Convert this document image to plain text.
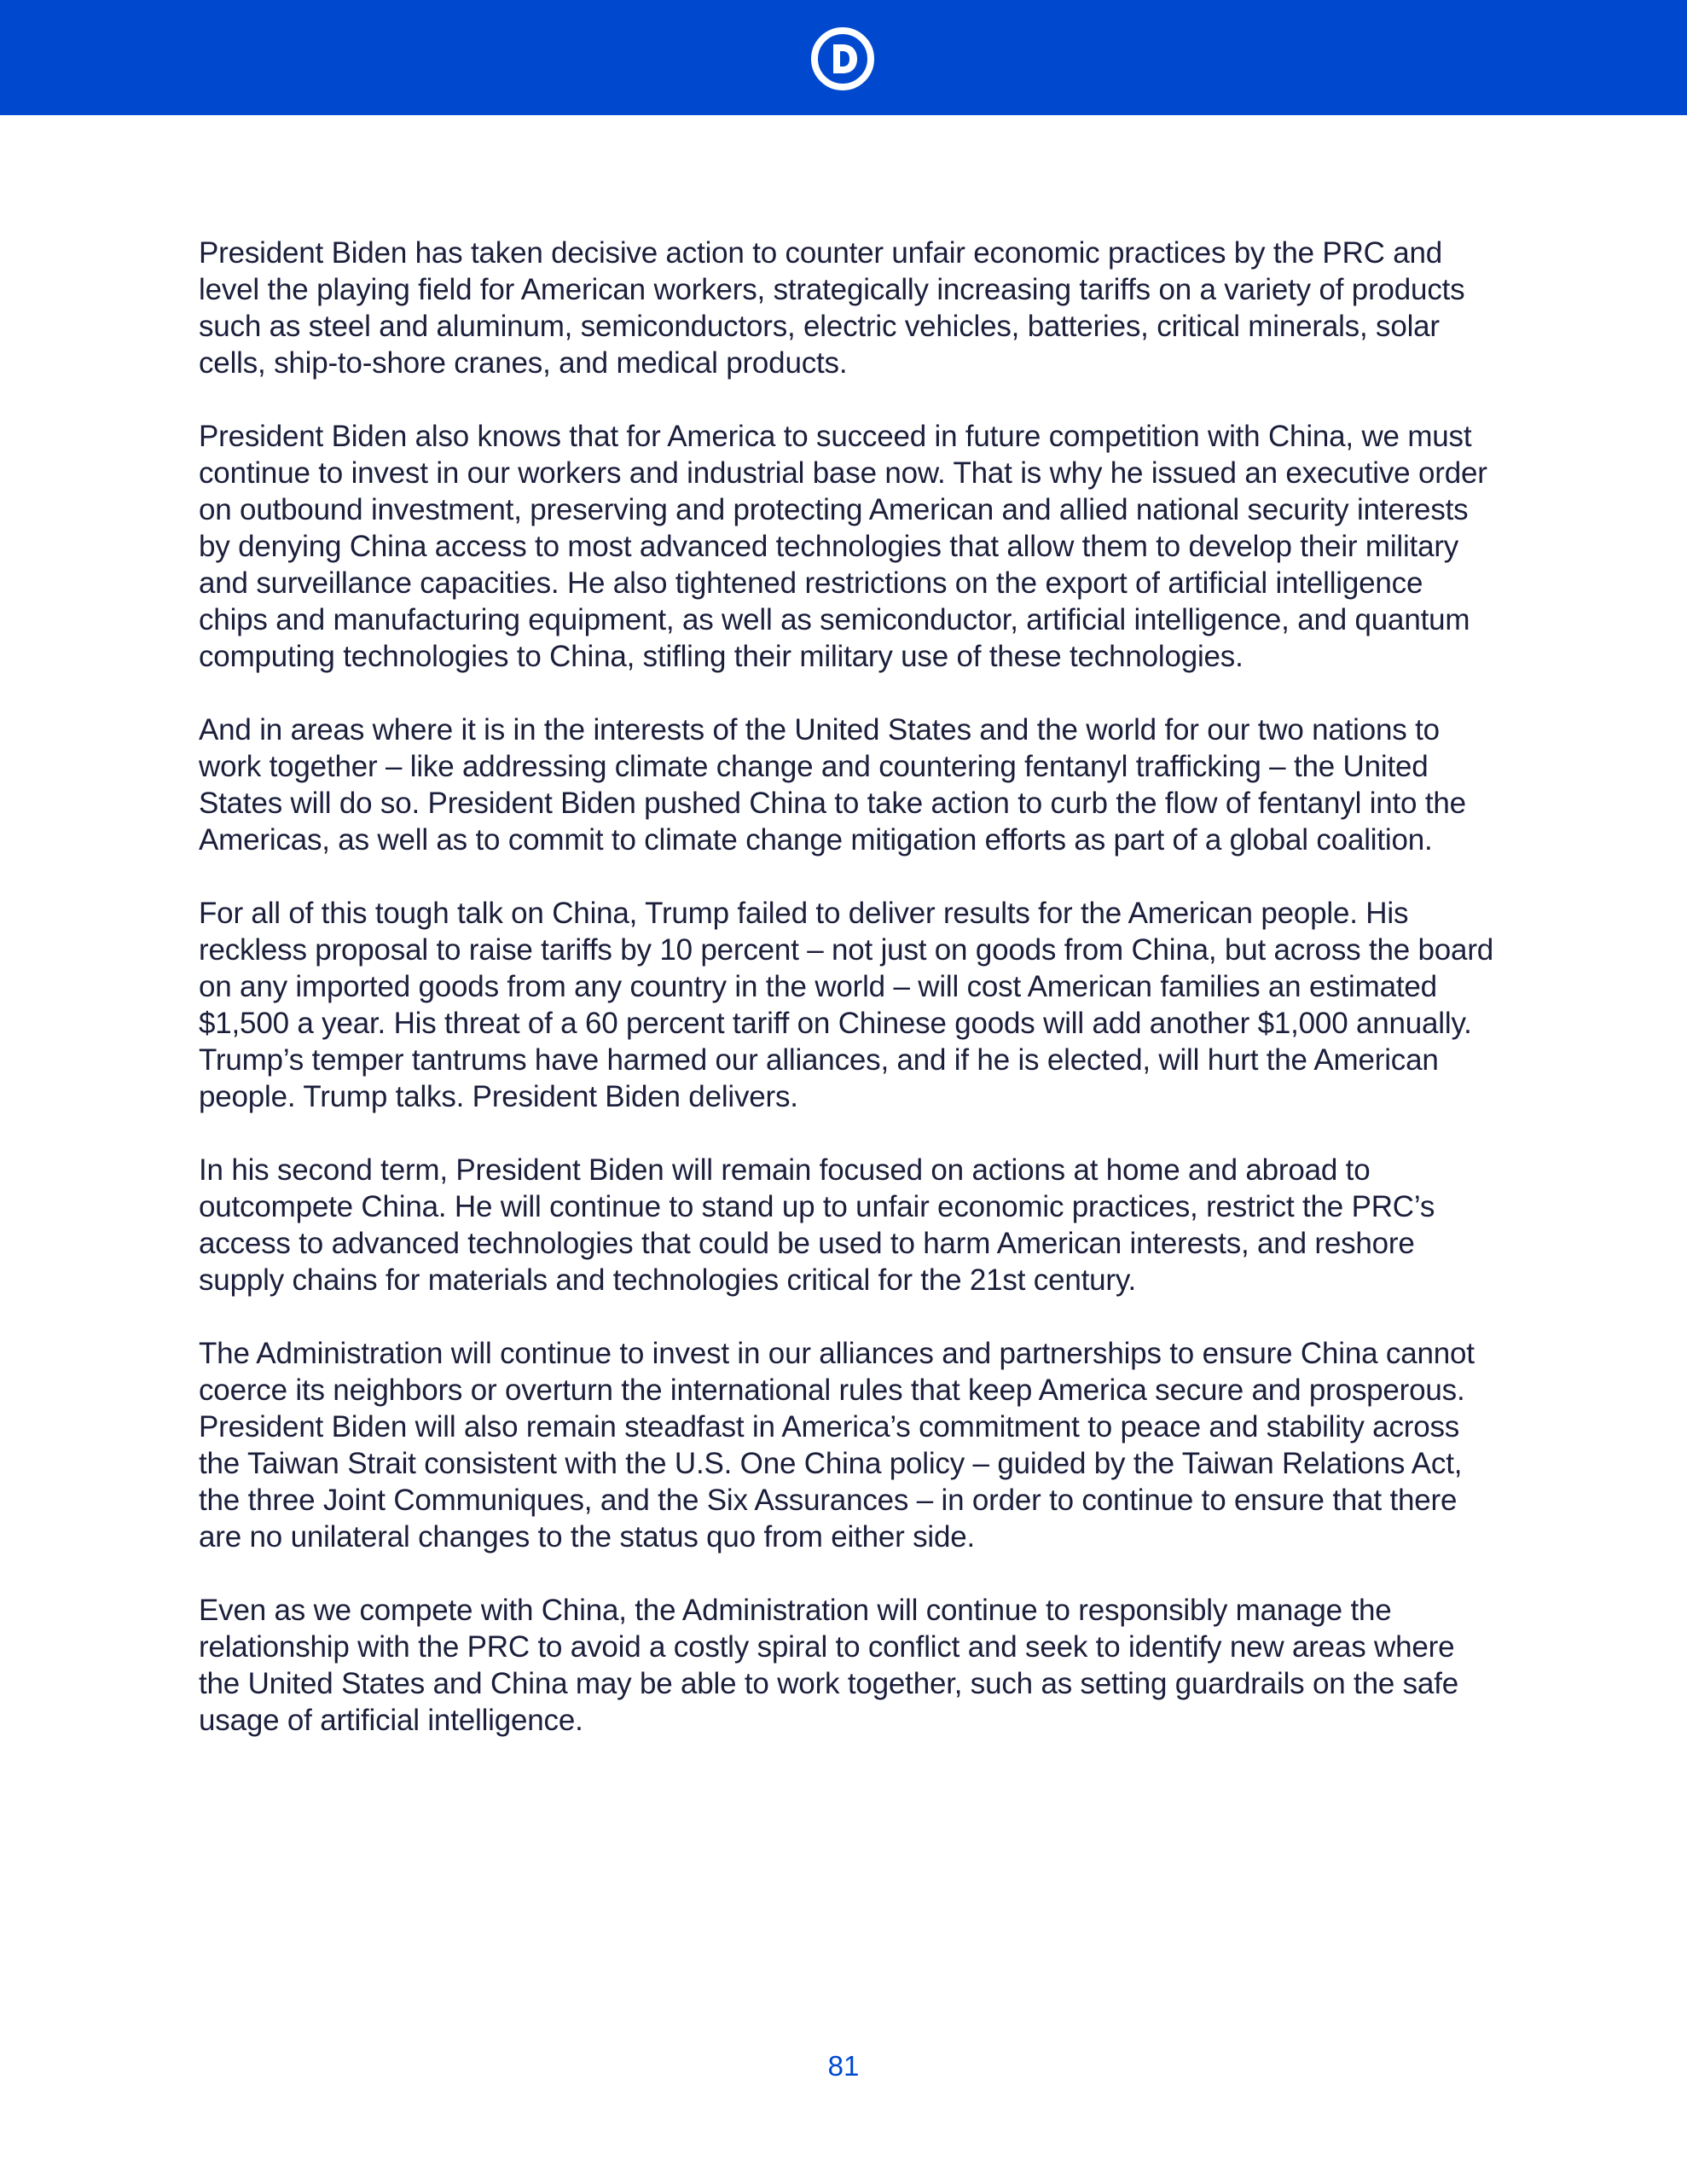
President Biden has taken decisive action to counter unfair economic practices by the PRC and level the playing field for American workers, strategically increasing tariffs on a variety of products such as steel and aluminum, semiconductors, electric vehicles, batteries, critical minerals, solar cells, ship-to-shore cranes, and medical products.

President Biden also knows that for America to succeed in future competition with China, we must continue to invest in our workers and industrial base now. That is why he issued an executive order on outbound investment, preserving and protecting American and allied national security interests by denying China access to most advanced technologies that allow them to develop their military and surveillance capacities. He also tightened restrictions on the export of artificial intelligence chips and manufacturing equipment, as well as semiconductor, artificial intelligence, and quantum computing technologies to China, stifling their military use of these technologies.

And in areas where it is in the interests of the United States and the world for our two nations to work together – like addressing climate change and countering fentanyl trafficking – the United States will do so. President Biden pushed China to take action to curb the flow of fentanyl into the Americas, as well as to commit to climate change mitigation efforts as part of a global coalition.

For all of this tough talk on China, Trump failed to deliver results for the American people. His reckless proposal to raise tariffs by 10 percent – not just on goods from China, but across the board on any imported goods from any country in the world – will cost American families an estimated $1,500 a year. His threat of a 60 percent tariff on Chinese goods will add another $1,000 annually. Trump’s temper tantrums have harmed our alliances, and if he is elected, will hurt the American people. Trump talks. President Biden delivers.

In his second term, President Biden will remain focused on actions at home and abroad to outcompete China. He will continue to stand up to unfair economic practices, restrict the PRC’s access to advanced technologies that could be used to harm American interests, and reshore supply chains for materials and technologies critical for the 21st century.

The Administration will continue to invest in our alliances and partnerships to ensure China cannot coerce its neighbors or overturn the international rules that keep America secure and prosperous. President Biden will also remain steadfast in America’s commitment to peace and stability across the Taiwan Strait consistent with the U.S. One China policy – guided by the Taiwan Relations Act, the three Joint Communiques, and the Six Assurances – in order to continue to ensure that there are no unilateral changes to the status quo from either side.

Even as we compete with China, the Administration will continue to responsibly manage the relationship with the PRC to avoid a costly spiral to conflict and seek to identify new areas where the United States and China may be able to work together, such as setting guardrails on the safe usage of artificial intelligence.

81
